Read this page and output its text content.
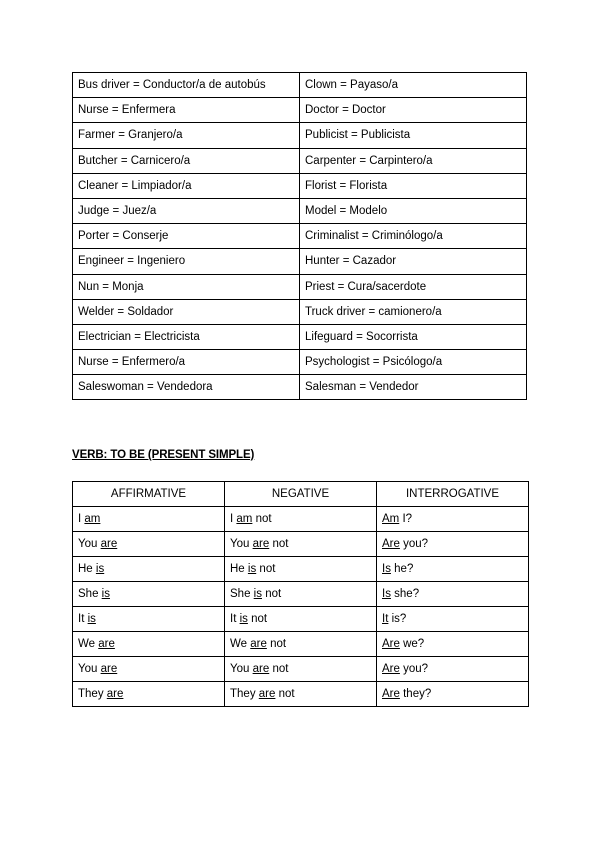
Bus driver = Conductor/a de autobús	Clown = Payaso/a
Nurse = Enfermera	Doctor = Doctor
Farmer = Granjero/a	Publicist = Publicista
Butcher = Carnicero/a	Carpenter = Carpintero/a
Cleaner = Limpiador/a	Florist = Florista
Judge = Juez/a	Model = Modelo
Porter = Conserje	Criminalist = Criminólogo/a
Engineer = Ingeniero	Hunter = Cazador
Nun = Monja	Priest = Cura/sacerdote
Welder = Soldador	Truck driver = camionero/a
Electrician = Electricista	Lifeguard = Socorrista
Nurse = Enfermero/a	Psychologist = Psicólogo/a
Saleswoman = Vendedora	Salesman = Vendedor
VERB: TO BE (PRESENT SIMPLE)
AFFIRMATIVE	NEGATIVE	INTERROGATIVE
I am	I am not	Am I?
You are	You are not	Are you?
He is	He is not	Is he?
She is	She is not	Is she?
It is	It is not	It is?
We are	We are not	Are we?
You are	You are not	Are you?
They are	They are not	Are they?
